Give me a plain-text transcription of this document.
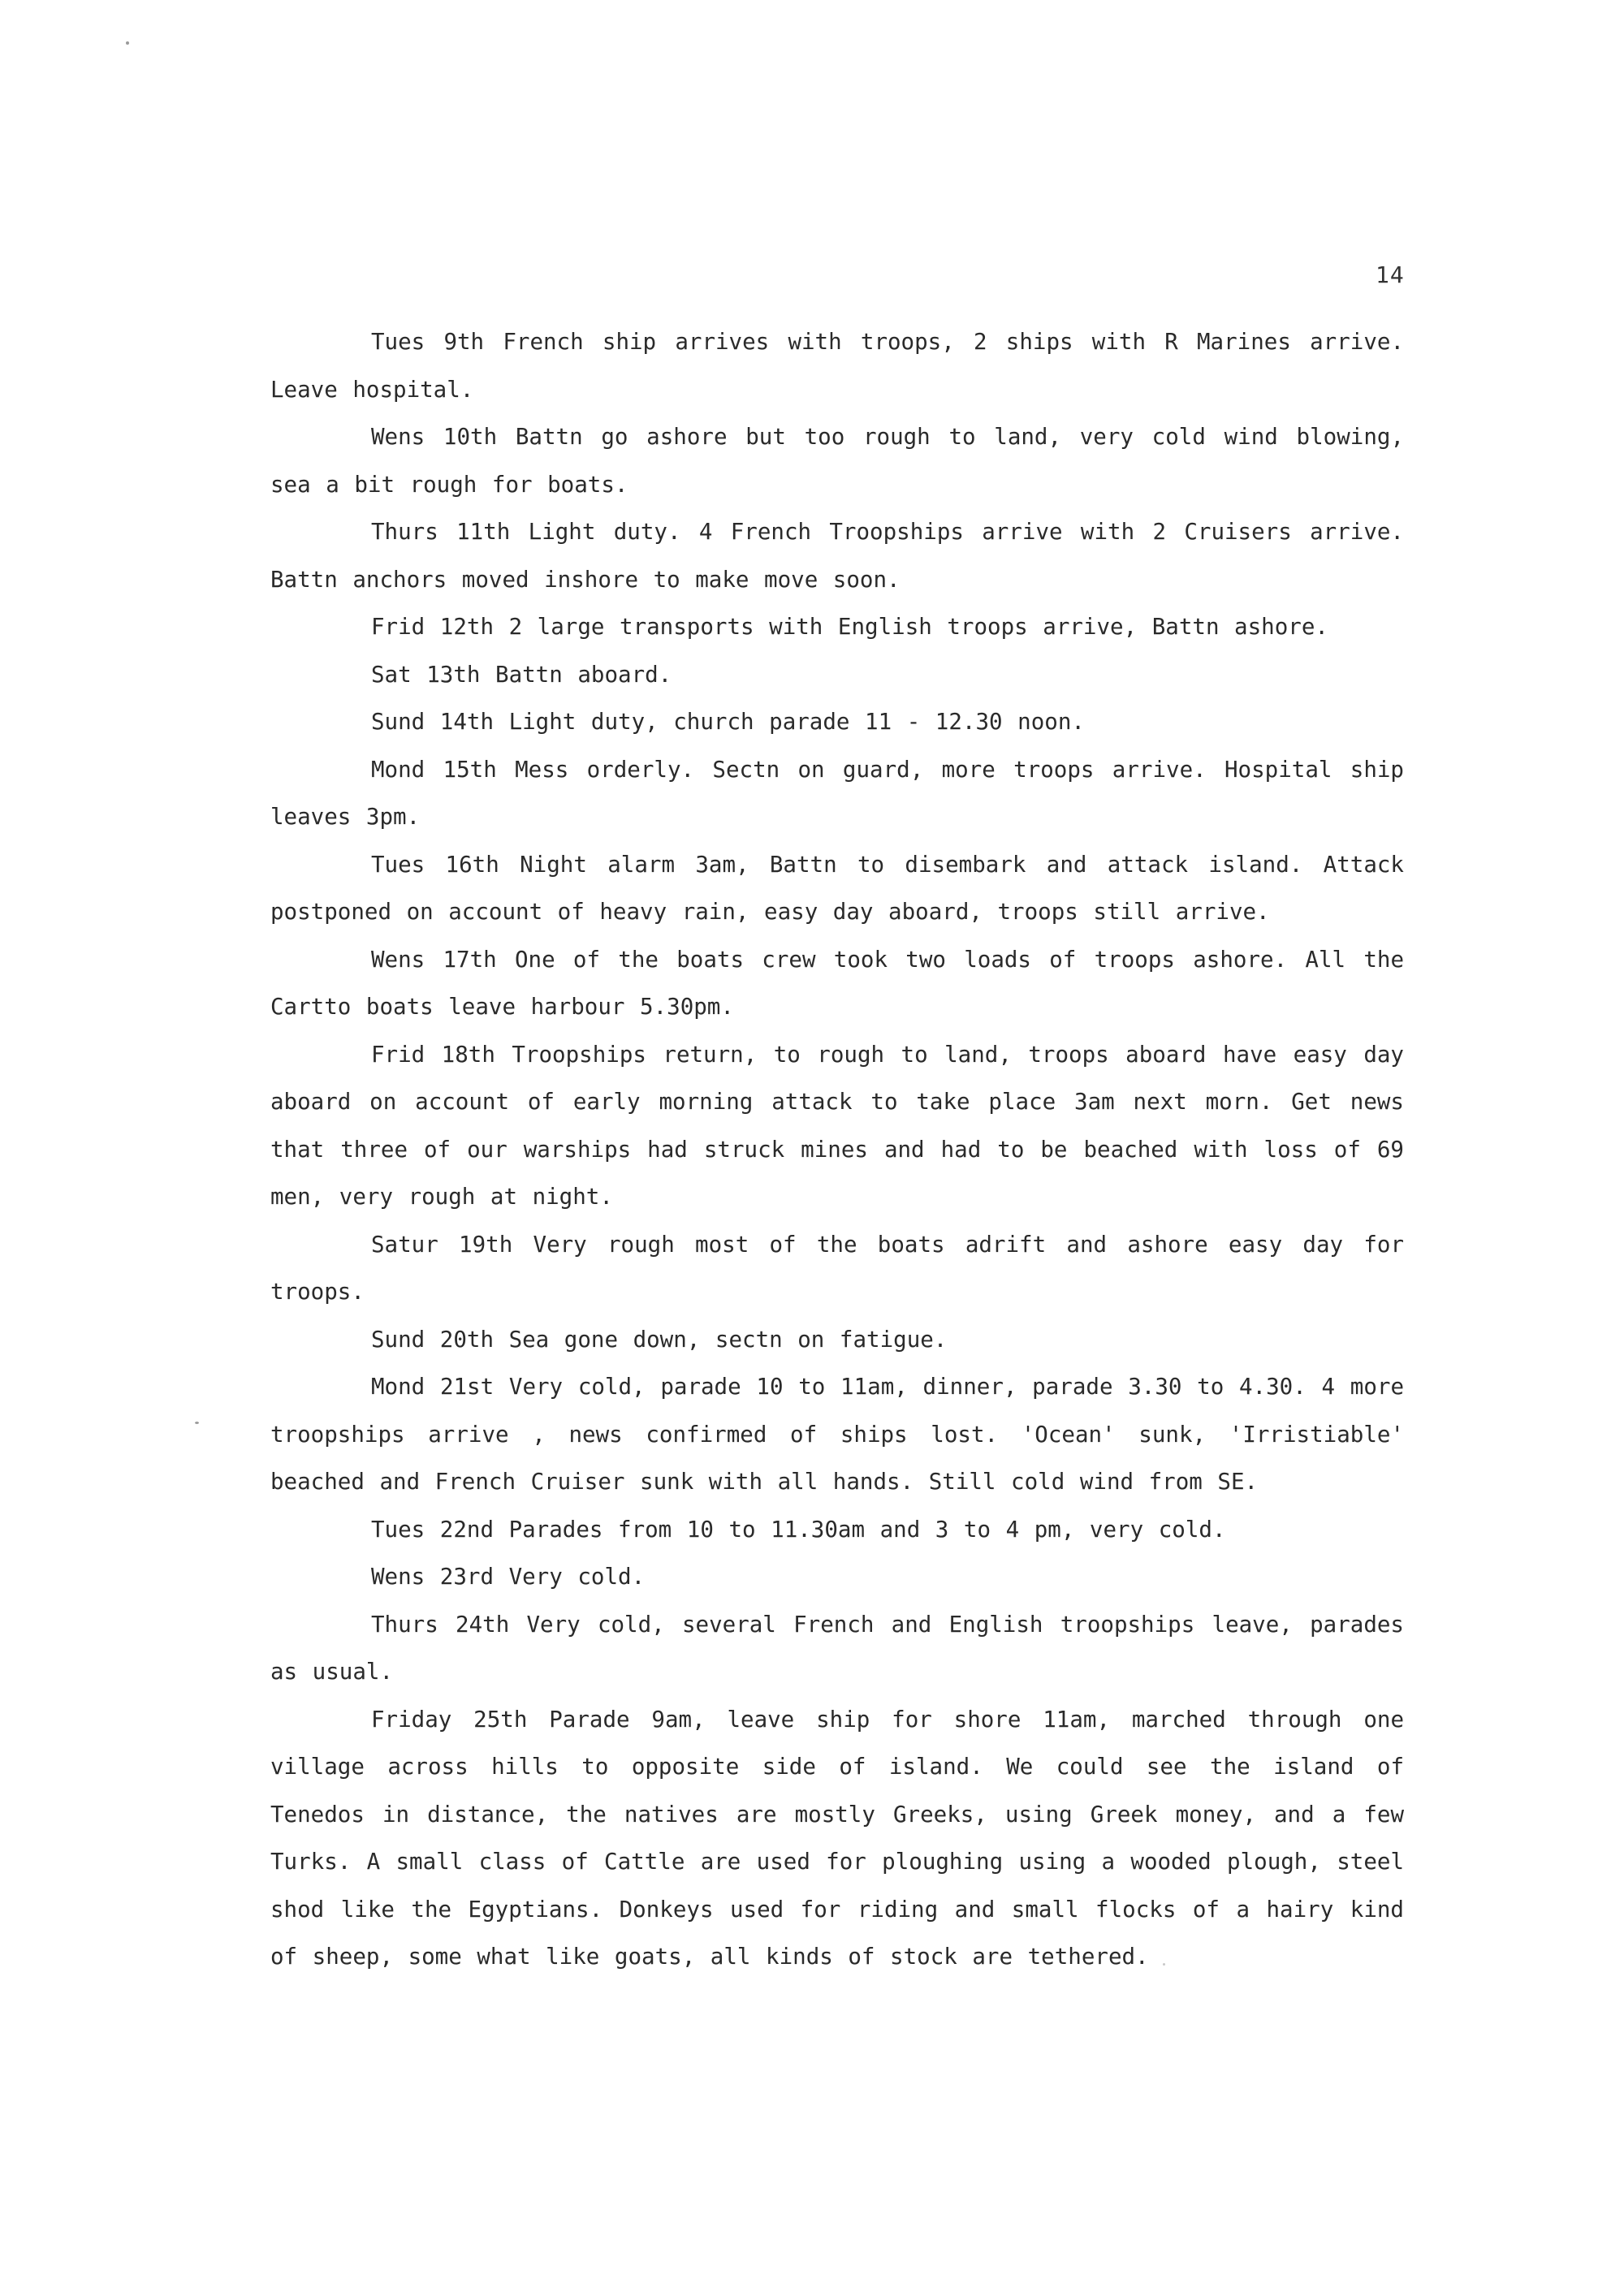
14

Tues 9th French ship arrives with troops, 2 ships with R Marines arrive. Leave hospital.

Wens 10th Battn go ashore but too rough to land, very cold wind blowing, sea a bit rough for boats.

Thurs 11th Light duty. 4 French Troopships arrive with 2 Cruisers arrive. Battn anchors moved inshore to make move soon.

Frid 12th 2 large transports with English troops arrive, Battn ashore.

Sat 13th Battn aboard.

Sund 14th Light duty, church parade 11 - 12.30 noon.

Mond 15th Mess orderly. Sectn on guard, more troops arrive. Hospital ship leaves 3pm.

Tues 16th Night alarm 3am, Battn to disembark and attack island. Attack postponed on account of heavy rain, easy day aboard, troops still arrive.

Wens 17th One of the boats crew took two loads of troops ashore. All the Cartto boats leave harbour 5.30pm.

Frid 18th Troopships return, to rough to land, troops aboard have easy day aboard on account of early morning attack to take place 3am next morn. Get news that three of our warships had struck mines and had to be beached with loss of 69 men, very rough at night.

Satur 19th Very rough most of the boats adrift and ashore easy day for troops.

Sund 20th Sea gone down, sectn on fatigue.

Mond 21st Very cold, parade 10 to 11am, dinner, parade 3.30 to 4.30. 4 more troopships arrive , news confirmed of ships lost. 'Ocean' sunk, 'Irristiable' beached and French Cruiser sunk with all hands. Still cold wind from SE.

Tues 22nd Parades from 10 to 11.30am and 3 to 4 pm, very cold.

Wens 23rd Very cold.

Thurs 24th Very cold, several French and English troopships leave, parades as usual.

Friday 25th Parade 9am, leave ship for shore 11am, marched through one village across hills to opposite side of island. We could see the island of Tenedos in distance, the natives are mostly Greeks, using Greek money, and a few Turks. A small class of Cattle are used for ploughing using a wooded plough, steel shod like the Egyptians. Donkeys used for riding and small flocks of a hairy kind of sheep, some what like goats, all kinds of stock are tethered.
